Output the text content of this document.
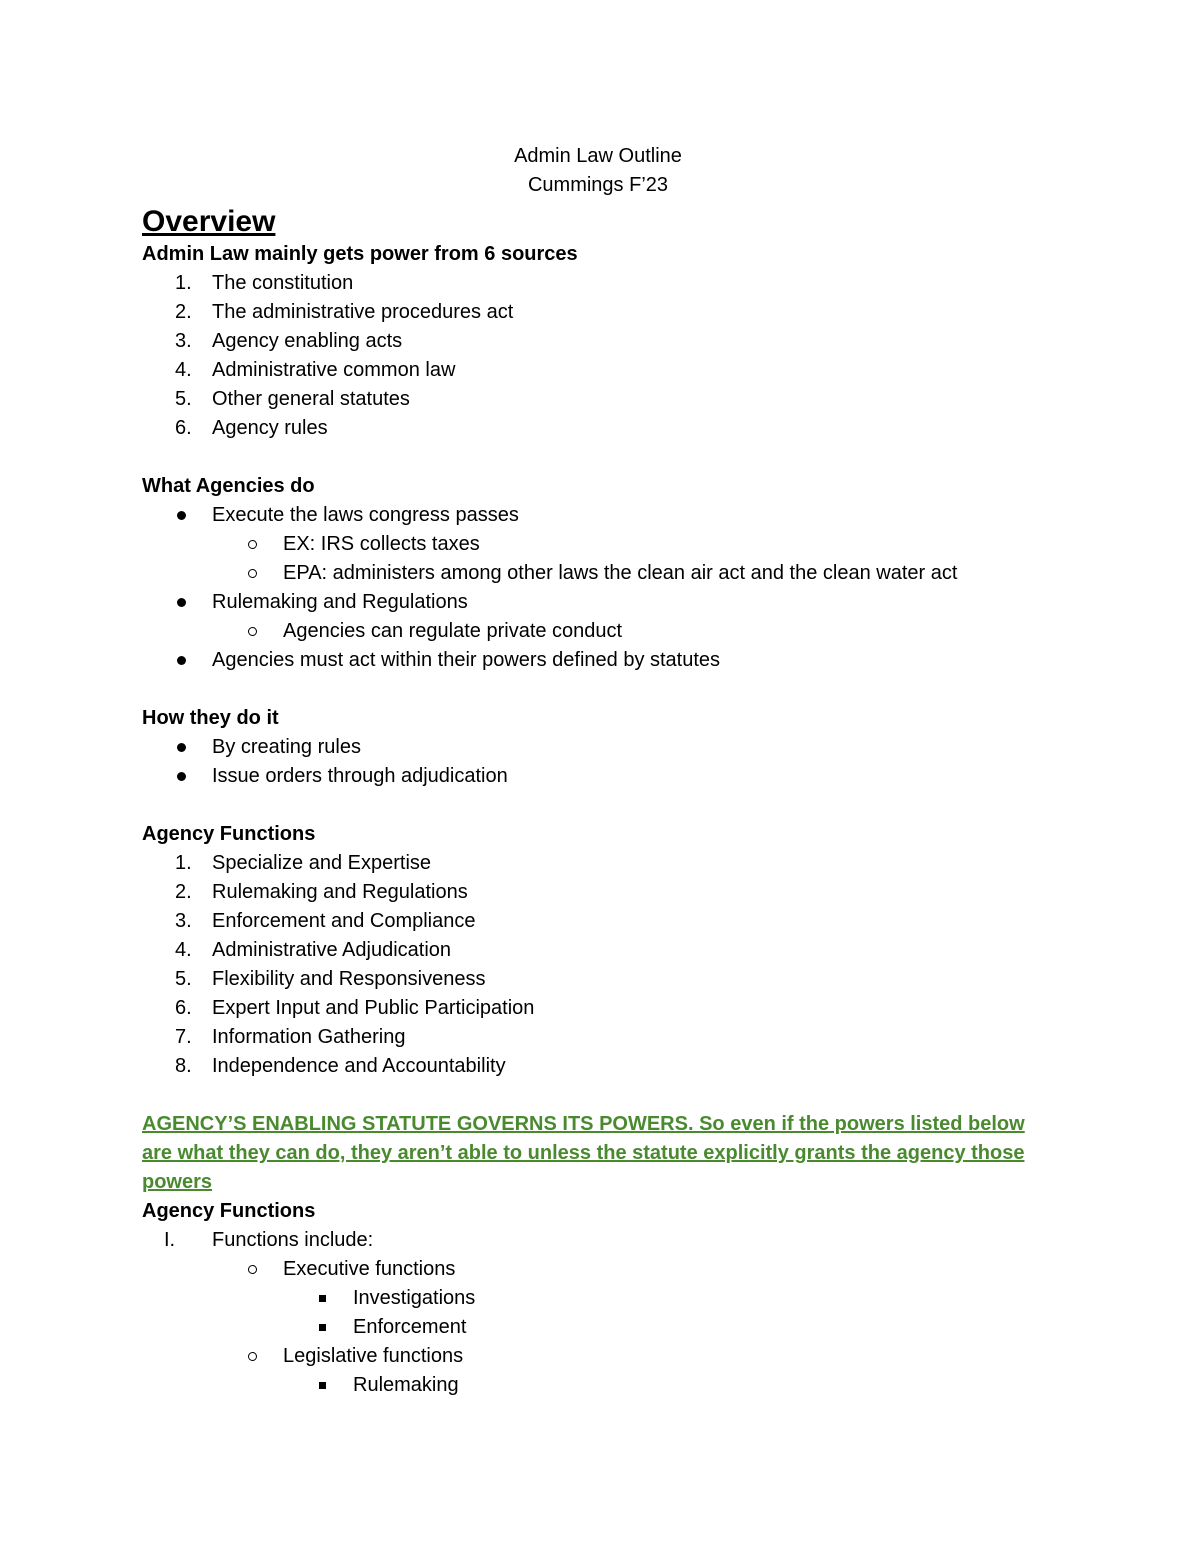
Admin Law Outline
Cummings F’23
Overview
Admin Law mainly gets power from 6 sources
1. The constitution
2. The administrative procedures act
3. Agency enabling acts
4. Administrative common law
5. Other general statutes
6. Agency rules
What Agencies do
Execute the laws congress passes
EX: IRS collects taxes
EPA: administers among other laws the clean air act and the clean water act
Rulemaking and Regulations
Agencies can regulate private conduct
Agencies must act within their powers defined by statutes
How they do it
By creating rules
Issue orders through adjudication
Agency Functions
1. Specialize and Expertise
2. Rulemaking and Regulations
3. Enforcement and Compliance
4. Administrative Adjudication
5. Flexibility and Responsiveness
6. Expert Input and Public Participation
7. Information Gathering
8. Independence and Accountability
AGENCY’S ENABLING STATUTE GOVERNS ITS POWERS. So even if the powers listed below are what they can do, they aren’t able to unless the statute explicitly grants the agency those powers
Agency Functions
I. Functions include:
Executive functions
Investigations
Enforcement
Legislative functions
Rulemaking
